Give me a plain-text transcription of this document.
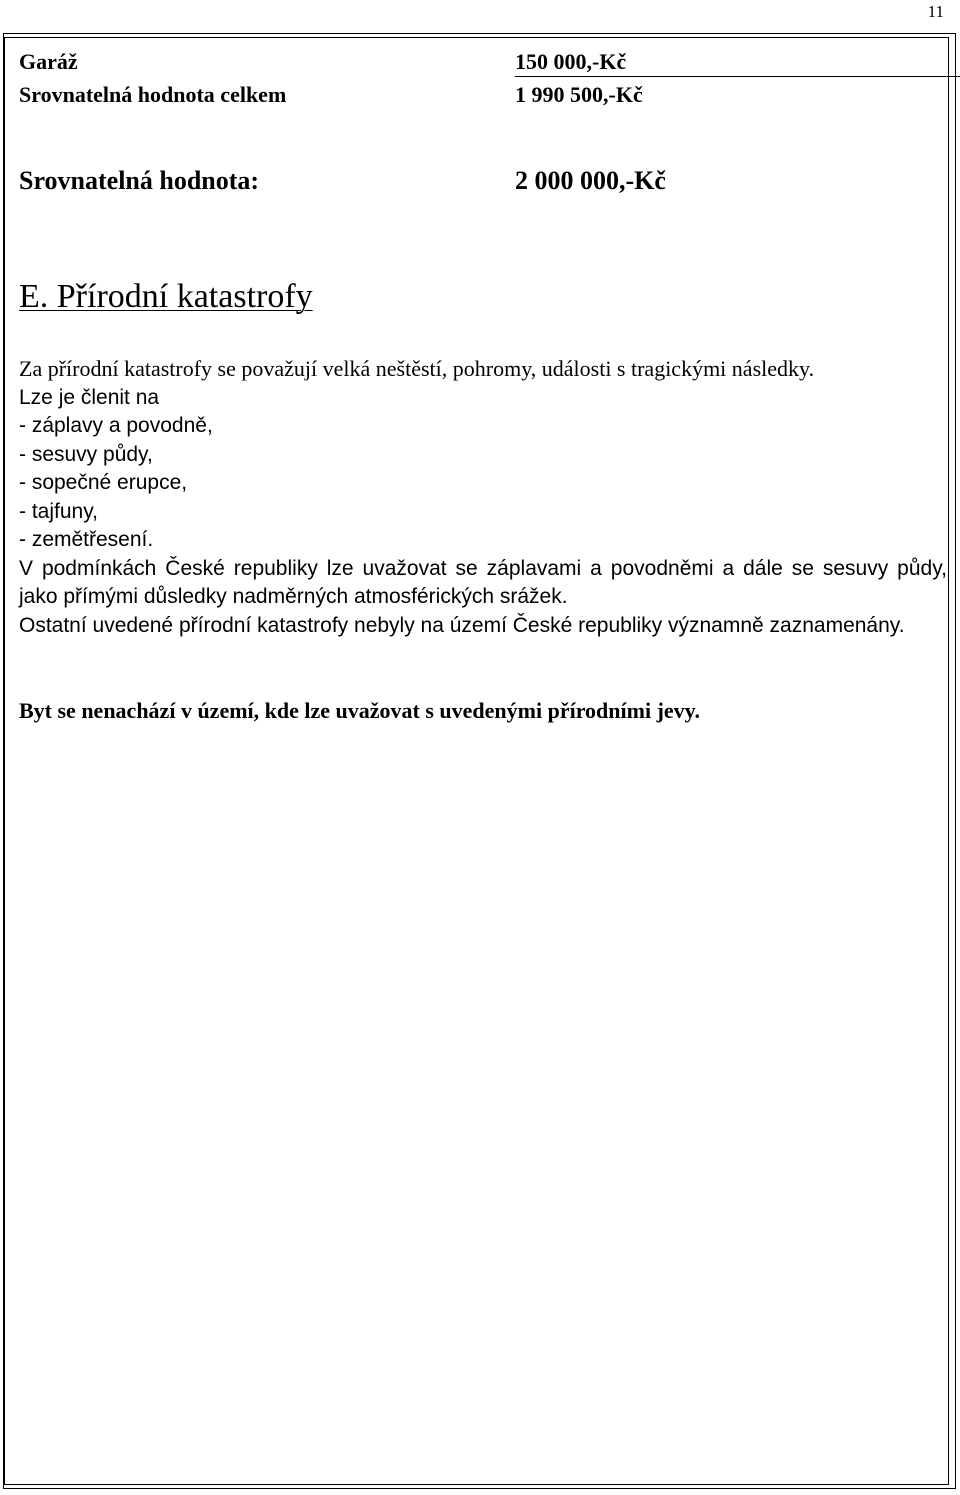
11
Garáž	150 000,-Kč
Srovnatelná hodnota celkem	1 990 500,-Kč
Srovnatelná hodnota:	2 000 000,-Kč
E. Přírodní katastrofy

Za přírodní katastrofy se považují velká neštěstí, pohromy, události s tragickými následky.

Lze je členit na

- záplavy a povodně,

- sesuvy půdy,

- sopečné erupce,

- tajfuny,

- zemětřesení.

V podmínkách České republiky lze uvažovat se záplavami a povodněmi a dále se sesuvy půdy, jako přímými důsledky nadměrných atmosférických srážek.

Ostatní uvedené přírodní katastrofy nebyly na území České republiky významně zaznamenány.

Byt se nenachází v území, kde lze uvažovat s uvedenými přírodními jevy.
